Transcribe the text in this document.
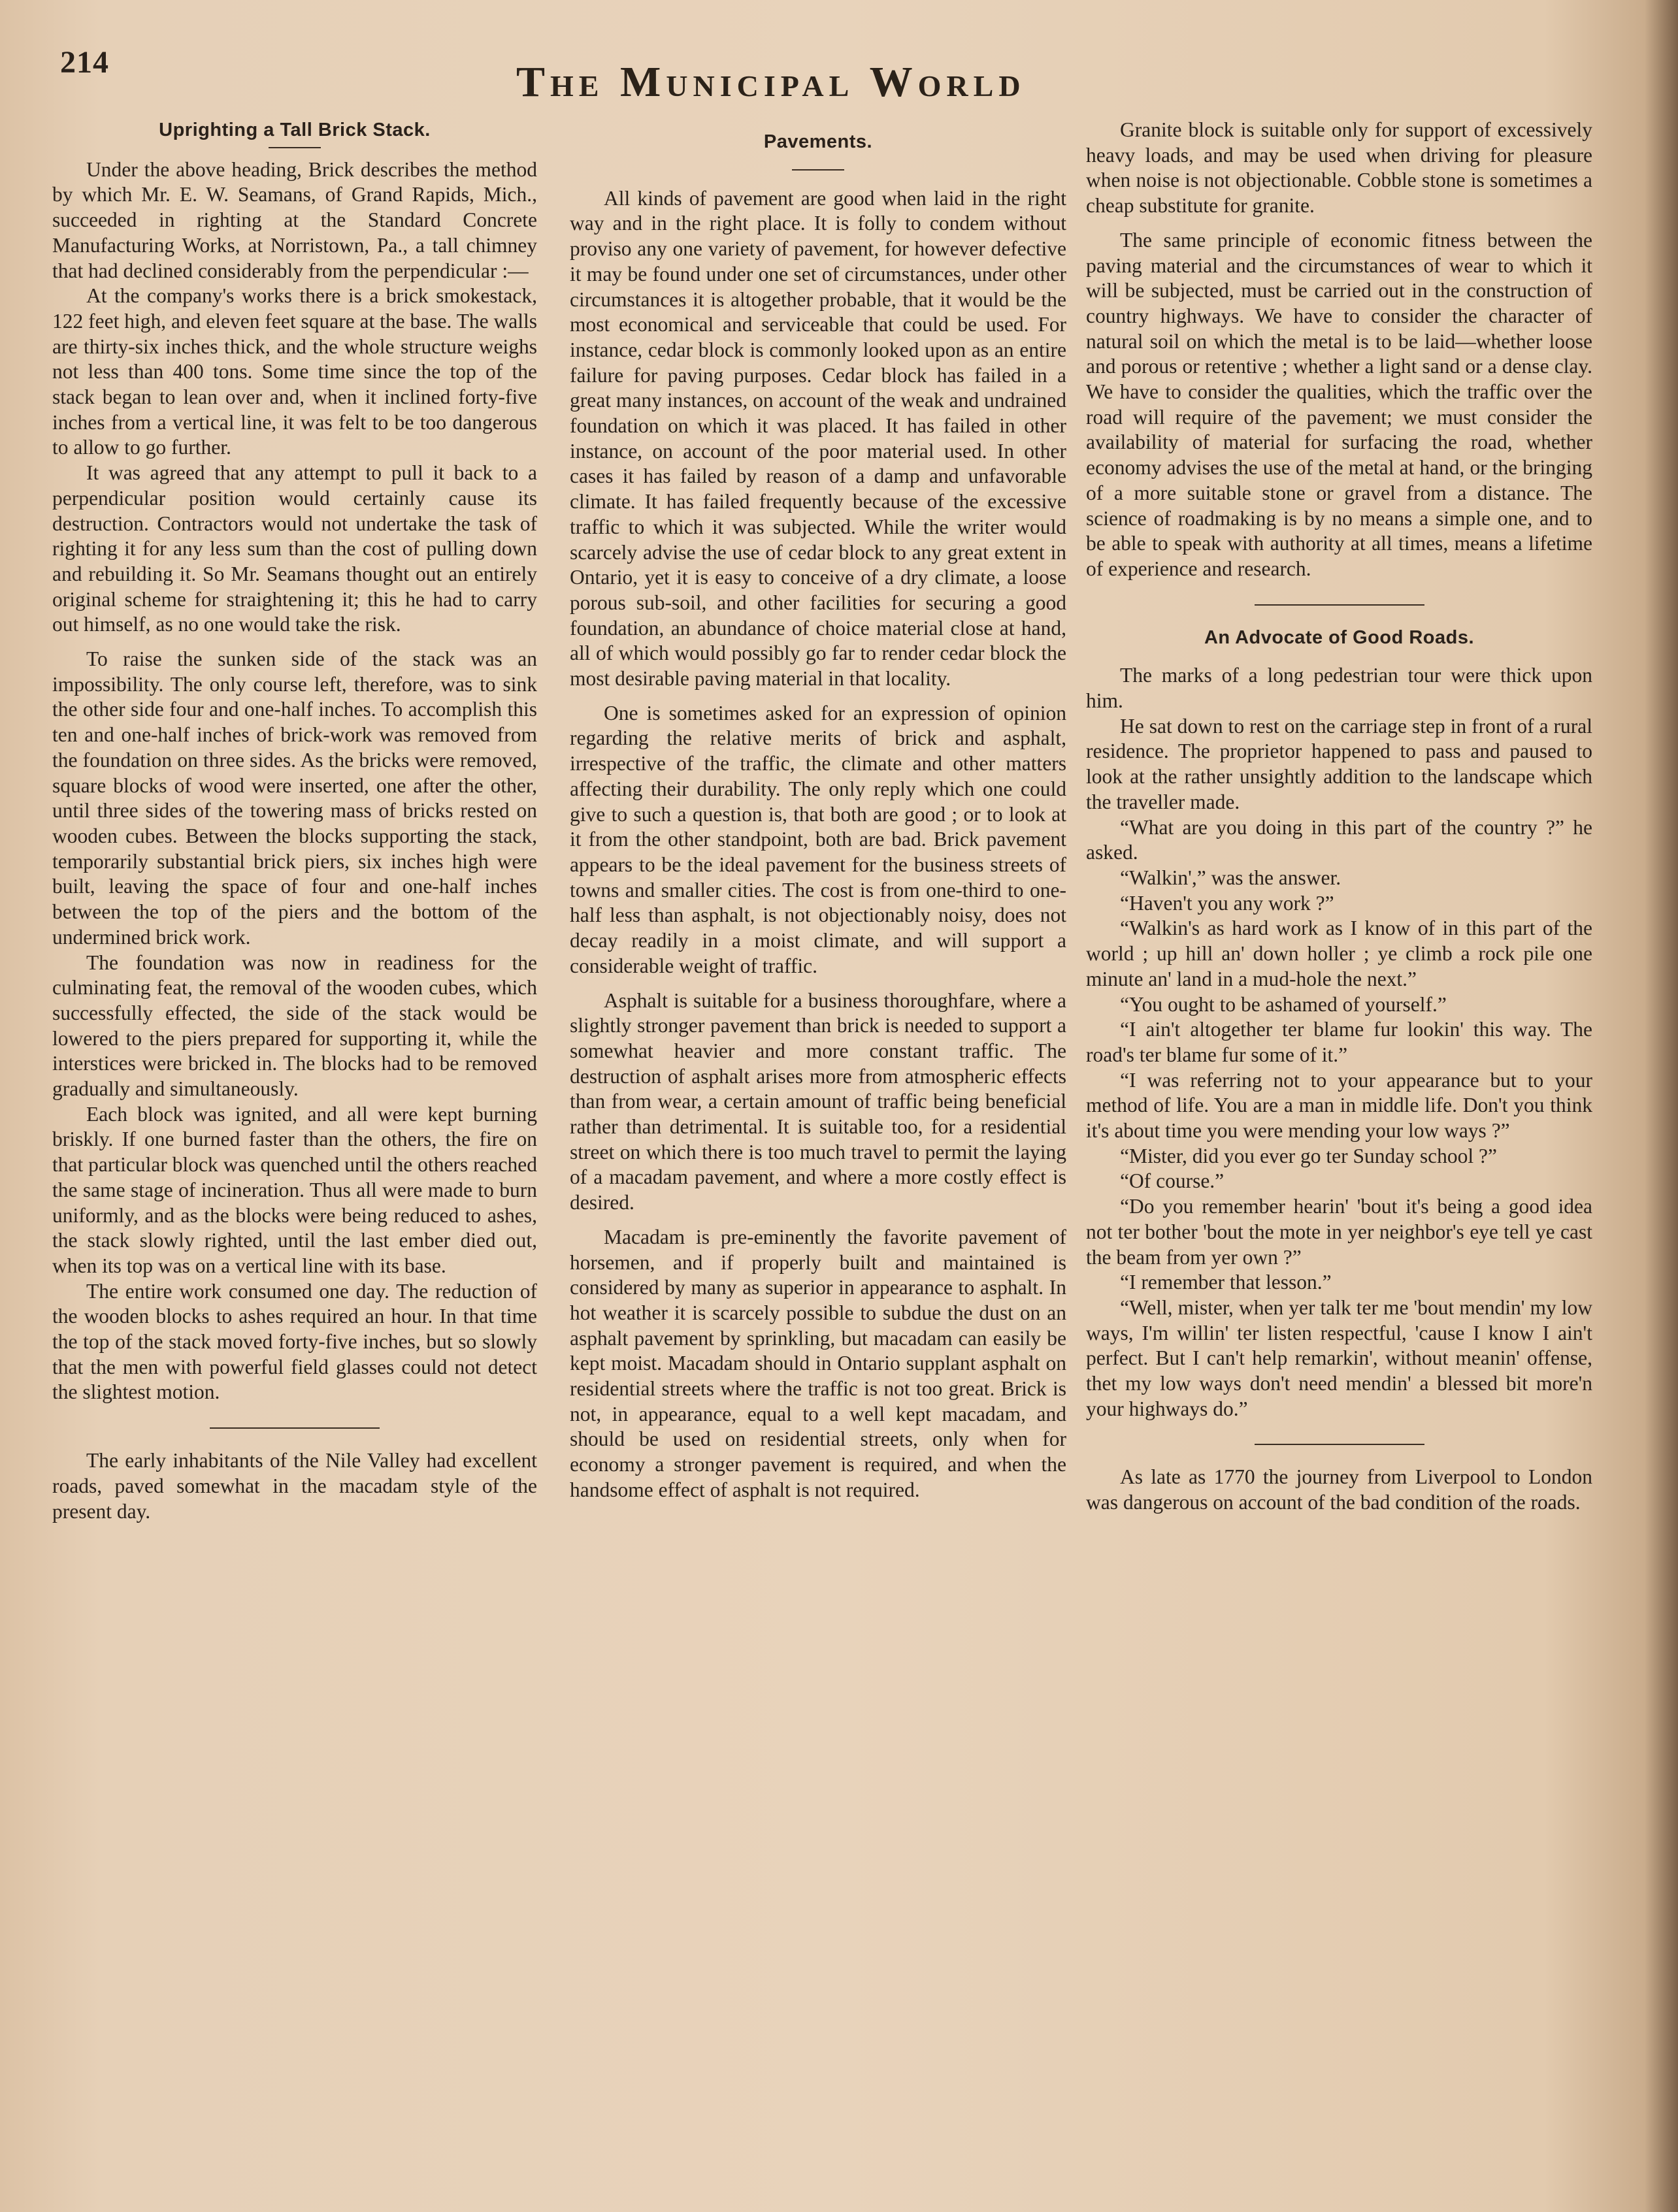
214	The Municipal World
Uprighting a Tall Brick Stack.

Under the above heading, Brick describes the method by which Mr. E. W. Seamans, of Grand Rapids, Mich., succeeded in righting at the Standard Concrete Manufacturing Works, at Norristown, Pa., a tall chimney that had declined considerably from the perpendicular :—

At the company's works there is a brick smokestack, 122 feet high, and eleven feet square at the base. The walls are thirty-six inches thick, and the whole structure weighs not less than 400 tons. Some time since the top of the stack began to lean over and, when it inclined forty-five inches from a vertical line, it was felt to be too dangerous to allow to go further.

It was agreed that any attempt to pull it back to a perpendicular position would certainly cause its destruction. Contractors would not undertake the task of righting it for any less sum than the cost of pulling down and rebuilding it. So Mr. Seamans thought out an entirely original scheme for straightening it; this he had to carry out himself, as no one would take the risk.

To raise the sunken side of the stack was an impossibility. The only course left, therefore, was to sink the other side four and one-half inches. To accomplish this ten and one-half inches of brick-work was removed from the foundation on three sides. As the bricks were removed, square blocks of wood were inserted, one after the other, until three sides of the towering mass of bricks rested on wooden cubes. Between the blocks supporting the stack, temporarily substantial brick piers, six inches high were built, leaving the space of four and one-half inches between the top of the piers and the bottom of the undermined brick work.

The foundation was now in readiness for the culminating feat, the removal of the wooden cubes, which successfully effected, the side of the stack would be lowered to the piers prepared for supporting it, while the interstices were bricked in. The blocks had to be removed gradually and simultaneously.

Each block was ignited, and all were kept burning briskly. If one burned faster than the others, the fire on that particular block was quenched until the others reached the same stage of incineration. Thus all were made to burn uniformly, and as the blocks were being reduced to ashes, the stack slowly righted, until the last ember died out, when its top was on a vertical line with its base.

The entire work consumed one day. The reduction of the wooden blocks to ashes required an hour. In that time the top of the stack moved forty-five inches, but so slowly that the men with powerful field glasses could not detect the slightest motion.

The early inhabitants of the Nile Valley had excellent roads, paved somewhat in the macadam style of the present day.

Pavements.

All kinds of pavement are good when laid in the right way and in the right place. It is folly to condem without proviso any one variety of pavement, for however defective it may be found under one set of circumstances, under other circumstances it is altogether probable, that it would be the most economical and serviceable that could be used. For instance, cedar block is commonly looked upon as an entire failure for paving purposes. Cedar block has failed in a great many instances, on account of the weak and undrained foundation on which it was placed. It has failed in other instance, on account of the poor material used. In other cases it has failed by reason of a damp and unfavorable climate. It has failed frequently because of the excessive traffic to which it was subjected. While the writer would scarcely advise the use of cedar block to any great extent in Ontario, yet it is easy to conceive of a dry climate, a loose porous sub-soil, and other facilities for securing a good foundation, an abundance of choice material close at hand, all of which would possibly go far to render cedar block the most desirable paving material in that locality.

One is sometimes asked for an expression of opinion regarding the relative merits of brick and asphalt, irrespective of the traffic, the climate and other matters affecting their durability. The only reply which one could give to such a question is, that both are good ; or to look at it from the other standpoint, both are bad. Brick pavement appears to be the ideal pavement for the business streets of towns and smaller cities. The cost is from one-third to one-half less than asphalt, is not objectionably noisy, does not decay readily in a moist climate, and will support a considerable weight of traffic.

Asphalt is suitable for a business thoroughfare, where a slightly stronger pavement than brick is needed to support a somewhat heavier and more constant traffic. The destruction of asphalt arises more from atmospheric effects than from wear, a certain amount of traffic being beneficial rather than detrimental. It is suitable too, for a residential street on which there is too much travel to permit the laying of a macadam pavement, and where a more costly effect is desired.

Macadam is pre-eminently the favorite pavement of horsemen, and if properly built and maintained is considered by many as superior in appearance to asphalt. In hot weather it is scarcely possible to subdue the dust on an asphalt pavement by sprinkling, but macadam can easily be kept moist. Macadam should in Ontario supplant asphalt on residential streets where the traffic is not too great. Brick is not, in appearance, equal to a well kept macadam, and should be used on residential streets, only when for economy a stronger pavement is required, and when the handsome effect of asphalt is not required.

Granite block is suitable only for support of excessively heavy loads, and may be used when driving for pleasure when noise is not objectionable. Cobble stone is sometimes a cheap substitute for granite.

The same principle of economic fitness between the paving material and the circumstances of wear to which it will be subjected, must be carried out in the construction of country highways. We have to consider the character of natural soil on which the metal is to be laid—whether loose and porous or retentive ; whether a light sand or a dense clay. We have to consider the qualities, which the traffic over the road will require of the pavement; we must consider the availability of material for surfacing the road, whether economy advises the use of the metal at hand, or the bringing of a more suitable stone or gravel from a distance. The science of roadmaking is by no means a simple one, and to be able to speak with authority at all times, means a lifetime of experience and research.

An Advocate of Good Roads.

The marks of a long pedestrian tour were thick upon him.

He sat down to rest on the carriage step in front of a rural residence. The proprietor happened to pass and paused to look at the rather unsightly addition to the landscape which the traveller made.

“What are you doing in this part of the country ?” he asked.

“Walkin',” was the answer.

“Haven't you any work ?”

“Walkin's as hard work as I know of in this part of the world ; up hill an' down holler ; ye climb a rock pile one minute an' land in a mud-hole the next.”

“You ought to be ashamed of yourself.”

“I ain't altogether ter blame fur lookin' this way. The road's ter blame fur some of it.”

“I was referring not to your appearance but to your method of life. You are a man in middle life. Don't you think it's about time you were mending your low ways ?”

“Mister, did you ever go ter Sunday school ?”

“Of course.”

“Do you remember hearin' 'bout it's being a good idea not ter bother 'bout the mote in yer neighbor's eye tell ye cast the beam from yer own ?”

“I remember that lesson.”

“Well, mister, when yer talk ter me 'bout mendin' my low ways, I'm willin' ter listen respectful, 'cause I know I ain't perfect. But I can't help remarkin', without meanin' offense, thet my low ways don't need mendin' a blessed bit more'n your highways do.”

As late as 1770 the journey from Liverpool to London was dangerous on account of the bad condition of the roads.
